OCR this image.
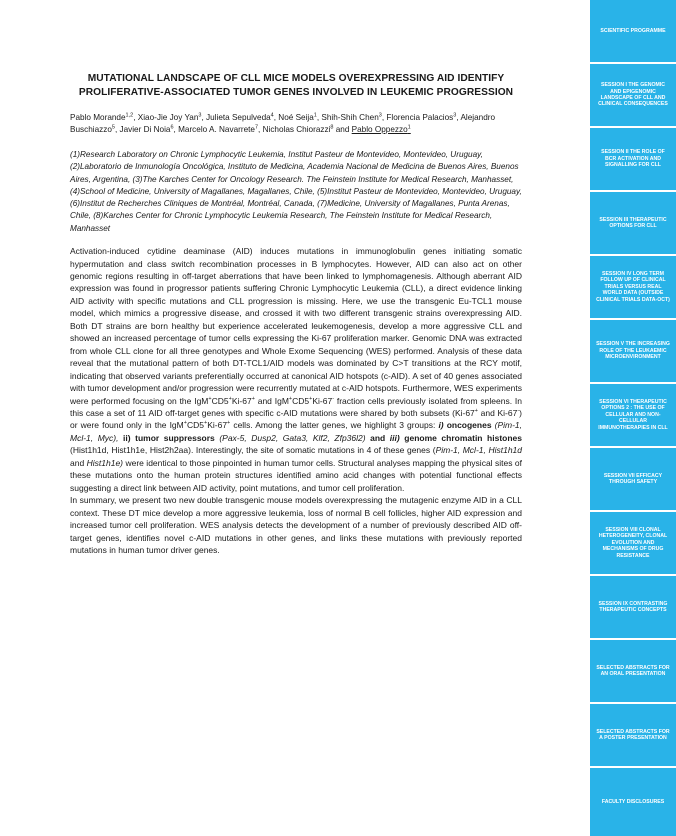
MUTATIONAL LANDSCAPE OF CLL MICE MODELS OVEREXPRESSING AID IDENTIFY PROLIFERATIVE-ASSOCIATED TUMOR GENES INVOLVED IN LEUKEMIC PROGRESSION
Pablo Morande$^{1,2}$, Xiao-Jie Joy Yan$^3$, Julieta Sepulveda$^4$, Noé Seija$^1$, Shih-Shih Chen$^3$, Florencia Palacios$^3$, Alejandro Buschiazzo$^5$, Javier Di Noia$^6$, Marcelo A. Navarrete$^7$, Nicholas Chiorazzi$^8$ and Pablo Oppezzo$^1$
(1)Research Laboratory on Chronic Lymphocytic Leukemia, Institut Pasteur de Montevideo, Montevideo, Uruguay, (2)Laboratorio de Inmunología Oncológica, Instituto de Medicina, Academia Nacional de Medicina de Buenos Aires, Buenos Aires, Argentina, (3)The Karches Center for Oncology Research. The Feinstein Institute for Medical Research, Manhasset, (4)School of Medicine, University of Magallanes, Magallanes, Chile, (5)Institut Pasteur de Montevideo, Montevideo, Uruguay, (6)Institut de Recherches Cliniques de Montréal, Montréal, Canada, (7)Medicine, University of Magallanes, Punta Arenas, Chile, (8)Karches Center for Chronic Lymphocytic Leukemia Research, The Feinstein Institute for Medical Research, Manhasset

Activation-induced cytidine deaminase (AID) induces mutations in immunoglobulin genes initiating somatic hypermutation and class switch recombination processes in B lymphocytes. However, AID can also act on other genomic regions resulting in off-target aberrations that have been linked to lymphomagenesis. Although aberrant AID expression was found in progressor patients suffering Chronic Lymphocytic Leukemia (CLL), a direct evidence linking AID activity with specific mutations and CLL progression is missing. Here, we use the transgenic Eu-TCL1 mouse model, which mimics a progressive disease, and crossed it with two different transgenic strains overexpressing AID. Both DT strains are born healthy but experience accelerated leukemogenesis, develop a more aggressive CLL and showed an increased percentage of tumor cells expressing the Ki-67 proliferation marker. Genomic DNA was extracted from whole CLL clone for all three genotypes and Whole Exome Sequencing (WES) performed. Analysis of these data reveal that the mutational pattern of both DT-TCL1/AID models was dominated by C>T transitions at the RCY motif, indicating that observed variants preferentially occurred at canonical AID hotspots (c-AID). A set of 40 genes associated with tumor development and/or progression were recurrently mutated at c-AID hotspots. Furthermore, WES experiments were performed focusing on the IgM+CD5+Ki-67+ and IgM+CD5+Ki-67- fraction cells previously isolated from spleens. In this case a set of 11 AID off-target genes with specific c-AID mutations were shared by both subsets (Ki-67+ and Ki-67-) or were found only in the IgM+CD5+Ki-67+ cells. Among the latter genes, we highlight 3 groups: i) oncogenes (Pim-1, Mcl-1, Myc), ii) tumor suppressors (Pax-5, Dusp2, Gata3, Klf2, Zfp36l2) and iii) genome chromatin histones (Hist1h1d, Hist1h1e, Hist2h2aa). Interestingly, the site of somatic mutations in 4 of these genes (Pim-1, Mcl-1, Hist1h1d and Hist1h1e) were identical to those pinpointed in human tumor cells. Structural analyses mapping the physical sites of these mutations onto the human protein structures identified amino acid changes with potential functional effects suggesting a direct link between AID activity, point mutations, and tumor cell proliferation.

In summary, we present two new double transgenic mouse models overexpressing the mutagenic enzyme AID in a CLL context. These DT mice develop a more aggressive leukemia, loss of normal B cell follicles, higher AID expression and increased tumor cell proliferation. WES analysis detects the development of a number of previously described AID off-target genes, identifies novel c-AID mutations in other genes, and links these mutations with previously reported mutations in human tumor driver genes.

SCIENTIFIC PROGRAMME
SESSION I THE GENOMIC AND EPIGENOMIC LANDSCAPE OF CLL AND CLINICAL CONSEQUENCES
SESSION II THE ROLE OF BCR ACTIVATION AND SIGNALLING FOR CLL
SESSION III THERAPEUTIC OPTIONS FOR CLL
SESSION IV LONG TERM FOLLOW UP OF CLINICAL TRIALS VERSUS REAL WORLD DATA (OUTSIDE CLINICAL TRIALS DATA-OCT)
SESSION V THE INCREASING ROLE OF THE LEUKAEMIC MICROENVIRONMENT
SESSION VI THERAPEUTIC OPTIONS 2 : THE USE OF CELLULAR AND NON-CELLULAR IMMUNOTHERAPIES IN CLL
SESSION VII EFFICACY THROUGH SAFETY
SESSION VIII CLONAL HETEROGENEITY, CLONAL EVOLUTION AND MECHANISMS OF DRUG RESISTANCE
SESSION IX CONTRASTING THERAPEUTIC CONCEPTS
SELECTED ABSTRACTS FOR AN ORAL PRESENTATION
SELECTED ABSTRACTS FOR A POSTER PRESENTATION
FACULTY DISCLOSURES
